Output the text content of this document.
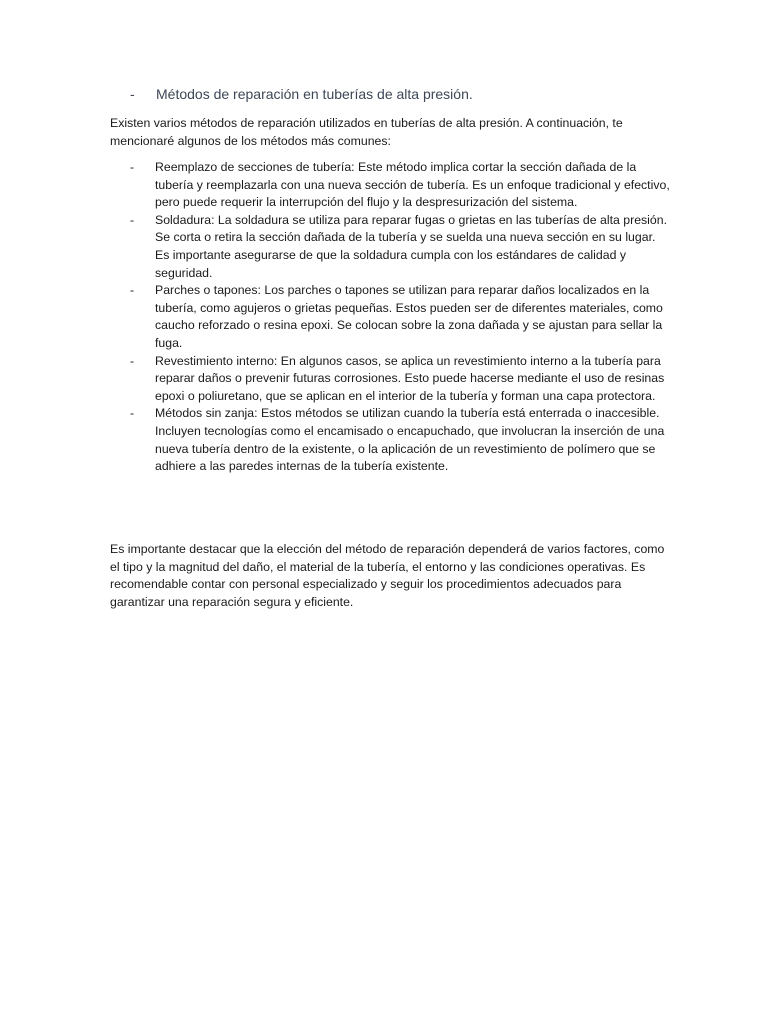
-	Métodos de reparación en tuberías de alta presión.

Existen varios métodos de reparación utilizados en tuberías de alta presión. A continuación, te mencionaré algunos de los métodos más comunes:

-	Reemplazo de secciones de tubería: Este método implica cortar la sección dañada de la tubería y reemplazarla con una nueva sección de tubería. Es un enfoque tradicional y efectivo, pero puede requerir la interrupción del flujo y la despresurización del sistema.
-	Soldadura: La soldadura se utiliza para reparar fugas o grietas en las tuberías de alta presión. Se corta o retira la sección dañada de la tubería y se suelda una nueva sección en su lugar. Es importante asegurarse de que la soldadura cumpla con los estándares de calidad y seguridad.
-	Parches o tapones: Los parches o tapones se utilizan para reparar daños localizados en la tubería, como agujeros o grietas pequeñas. Estos pueden ser de diferentes materiales, como caucho reforzado o resina epoxi. Se colocan sobre la zona dañada y se ajustan para sellar la fuga.
-	Revestimiento interno: En algunos casos, se aplica un revestimiento interno a la tubería para reparar daños o prevenir futuras corrosiones. Esto puede hacerse mediante el uso de resinas epoxi o poliuretano, que se aplican en el interior de la tubería y forman una capa protectora.
-	Métodos sin zanja: Estos métodos se utilizan cuando la tubería está enterrada o inaccesible. Incluyen tecnologías como el encamisado o encapuchado, que involucran la inserción de una nueva tubería dentro de la existente, o la aplicación de un revestimiento de polímero que se adhiere a las paredes internas de la tubería existente.

Es importante destacar que la elección del método de reparación dependerá de varios factores, como el tipo y la magnitud del daño, el material de la tubería, el entorno y las condiciones operativas. Es recomendable contar con personal especializado y seguir los procedimientos adecuados para garantizar una reparación segura y eficiente.
